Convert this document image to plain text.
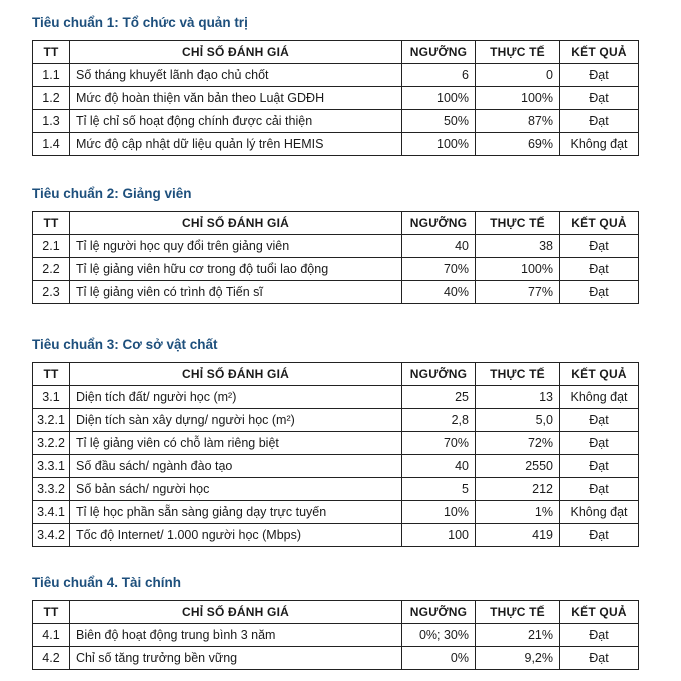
Tiêu chuẩn 1: Tổ chức và quản trị
TT	CHỈ SỐ ĐÁNH GIÁ	NGƯỠNG	THỰC TẾ	KẾT QUẢ
1.1	Số tháng khuyết lãnh đạo chủ chốt	6	0	Đạt
1.2	Mức độ hoàn thiện văn bản theo Luật GDĐH	100%	100%	Đạt
1.3	Tỉ lệ chỉ số hoạt động chính được cải thiện	50%	87%	Đạt
1.4	Mức độ cập nhật dữ liệu quản lý trên HEMIS	100%	69%	Không đạt
Tiêu chuẩn 2: Giảng viên
TT	CHỈ SỐ ĐÁNH GIÁ	NGƯỠNG	THỰC TẾ	KẾT QUẢ
2.1	Tỉ lệ người học quy đổi trên giảng viên	40	38	Đạt
2.2	Tỉ lệ giảng viên hữu cơ trong độ tuổi lao động	70%	100%	Đạt
2.3	Tỉ lệ giảng viên có trình độ Tiến sĩ	40%	77%	Đạt
Tiêu chuẩn 3: Cơ sở vật chất
TT	CHỈ SỐ ĐÁNH GIÁ	NGƯỠNG	THỰC TẾ	KẾT QUẢ
3.1	Diện tích đất/ người học (m²)	25	13	Không đạt
3.2.1	Diện tích sàn xây dựng/ người học (m²)	2,8	5,0	Đạt
3.2.2	Tỉ lệ giảng viên có chỗ làm riêng biệt	70%	72%	Đạt
3.3.1	Số đầu sách/ ngành đào tạo	40	2550	Đạt
3.3.2	Số bản sách/ người học	5	212	Đạt
3.4.1	Tỉ lệ học phần sẵn sàng giảng dạy trực tuyến	10%	1%	Không đạt
3.4.2	Tốc độ Internet/ 1.000 người học (Mbps)	100	419	Đạt
Tiêu chuẩn 4. Tài chính
TT	CHỈ SỐ ĐÁNH GIÁ	NGƯỠNG	THỰC TẾ	KẾT QUẢ
4.1	Biên độ hoạt động trung bình 3 năm	0%; 30%	21%	Đạt
4.2	Chỉ số tăng trưởng bền vững	0%	9,2%	Đạt
